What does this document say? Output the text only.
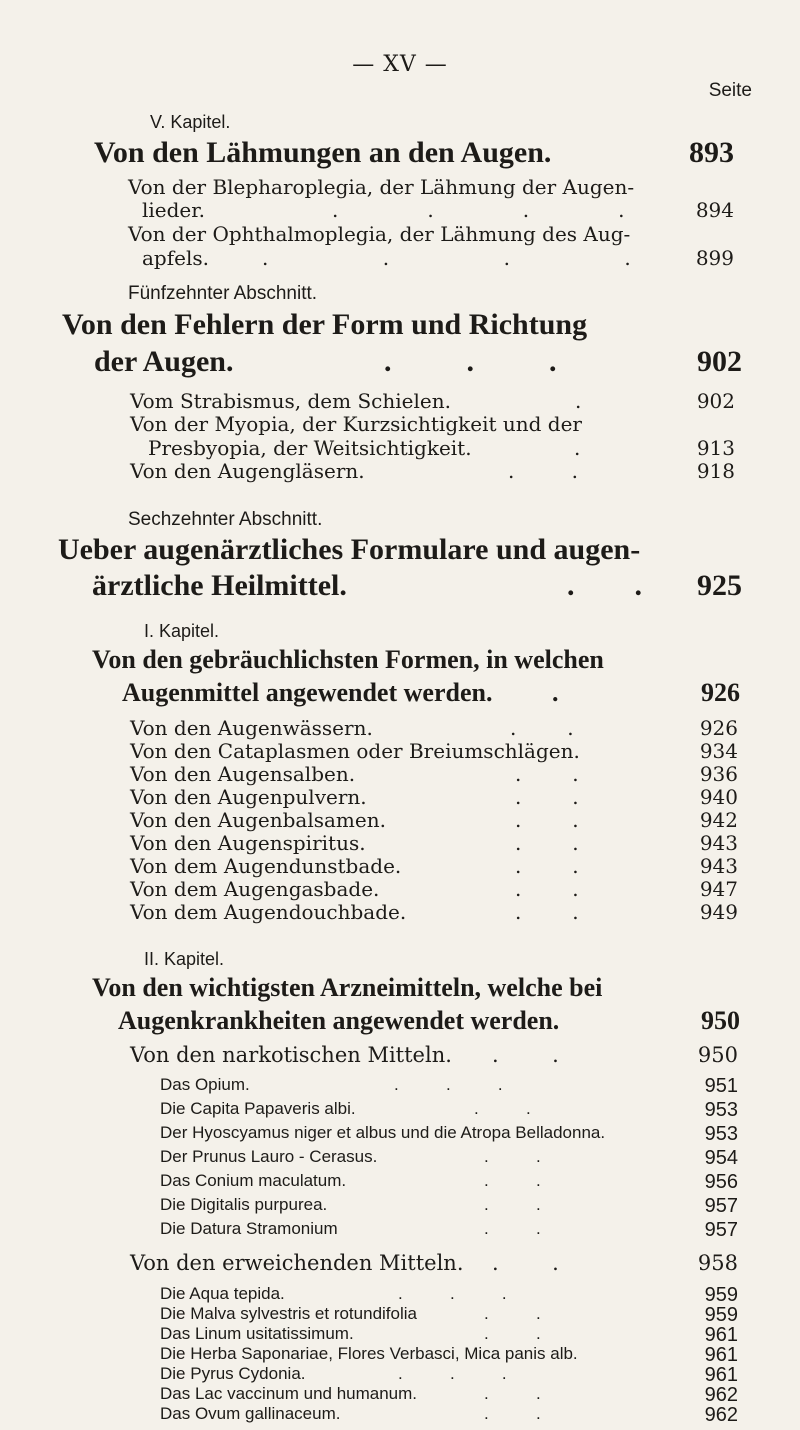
— XV —
Seite
V. Kapitel.
Von den Lähmungen an den Augen.	893
Von der Blepharoplegia, der Lähmung der Augen-
lieder.	.              .              .              .	894
Von der Ophthalmoplegia, der Lähmung des Aug-
apfels.	.                  .                  .                  .	899
Fünfzehnter Abschnitt.
Von den Fehlern der Form und Richtung
der Augen.	.          .          .	902
Vom Strabismus, dem Schielen.	.	902
Von der Myopia, der Kurzsichtigkeit und der
Presbyopia, der Weitsichtigkeit.	.	913
Von den Augengläsern.	.         .	918
Sechzehnter Abschnitt.
Ueber augenärztliches Formulare und augen-
ärztliche Heilmittel.	.        . 925
I. Kapitel.
Von den gebräuchlichsten Formen, in welchen
Augenmittel angewendet werden. .	926
Von den Augenwässern.	.        .	926
Von den Cataplasmen oder Breiumschlägen.	934
Von den Augensalben.	.        .	936
Von den Augenpulvern.	.        .	940
Von den Augenbalsamen.	.        .	942
Von den Augenspiritus.	.        .	943
Von dem Augendunstbade.	.        .	943
Von dem Augengasbade.	.        .	947
Von dem Augendouchbade.	.        .	949
II. Kapitel.
Von den wichtigsten Arzneimitteln, welche bei
Augenkrankheiten angewendet werden.	950
Von den narkotischen Mitteln. .        .	950
Das Opium.	.          .          .	951
Die Capita Papaveris albi.	.          .	953
Der Hyoscyamus niger et albus und die Atropa Belladonna.	953
Der Prunus Lauro - Cerasus.	.          .	954
Das Conium maculatum.	.          .	956
Die Digitalis purpurea.	.          .	957
Die Datura Stramonium	.          .	957
Von den erweichenden Mitteln. .        .	958
Die Aqua tepida.	.          .          .	959
Die Malva sylvestris et rotundifolia	.          .	959
Das Linum usitatissimum.	.          .	961
Die Herba Saponariae, Flores Verbasci, Mica panis alb.	961
Die Pyrus Cydonia.	.          .          .	961
Das Lac vaccinum und humanum.	.          .	962
Das Ovum gallinaceum.	.          .	962
